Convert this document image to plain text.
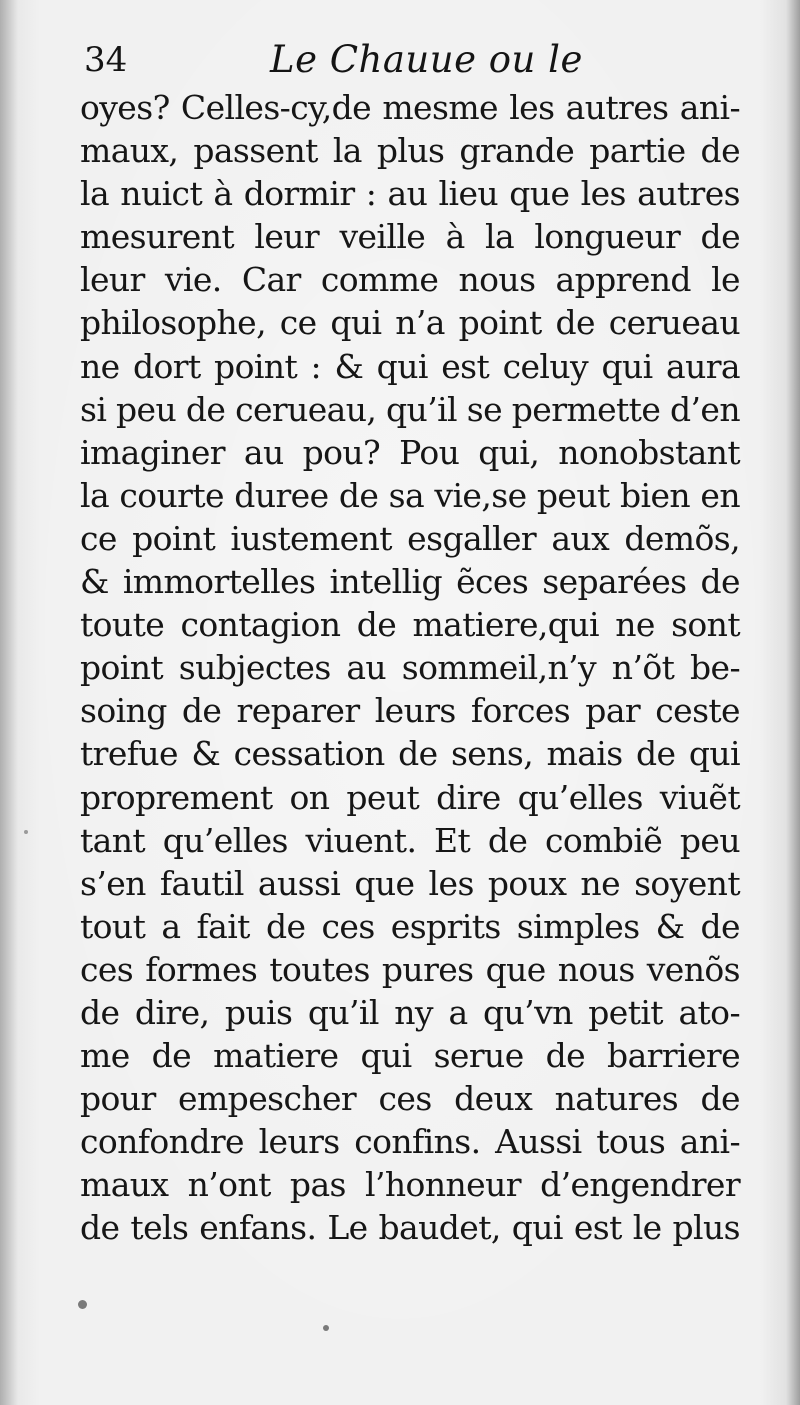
34	Le Chauue ou le
oyes? Celles-cy,de mesme les autres ani-
maux, passent la plus grande partie de
la nuict à dormir : au lieu que les autres
mesurent leur veille à la longueur de
leur vie. Car comme nous apprend le
philosophe, ce qui n’a point de cerueau
ne dort point : & qui est celuy qui aura
si peu de cerueau, qu’il se permette d’en
imaginer au pou? Pou qui, nonobstant
la courte duree de sa vie,se peut bien en
ce point iustement esgaller aux demõs,
& immortelles intellig ẽces separées de
toute contagion de matiere,qui ne sont
point subjectes au sommeil,n’y n’õt be-
soing de reparer leurs forces par ceste
trefue & cessation de sens, mais de qui
proprement on peut dire qu’elles viuẽt
tant qu’elles viuent. Et de combiẽ peu
s’en fautil aussi que les poux ne soyent
tout a fait de ces esprits simples & de
ces formes toutes pures que nous venõs
de dire, puis qu’il ny a qu’vn petit ato-
me de matiere qui serue de barriere
pour empescher ces deux natures de
confondre leurs confins. Aussi tous ani-
maux n’ont pas l’honneur d’engendrer
de tels enfans. Le baudet, qui est le plus
